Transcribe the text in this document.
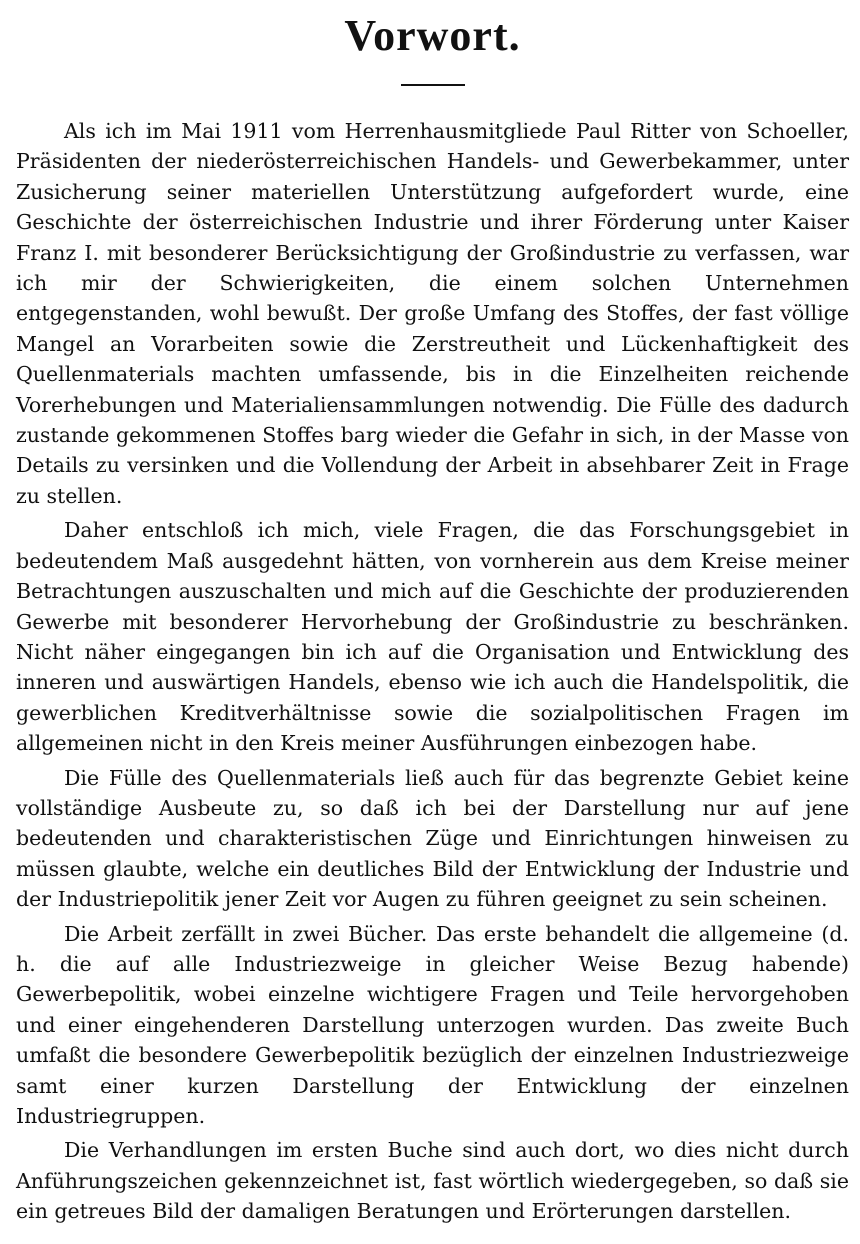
Vorwort.

Als ich im Mai 1911 vom Herrenhausmitgliede Paul Ritter von Schoeller, Präsidenten der niederösterreichischen Handels- und Gewerbekammer, unter Zusicherung seiner materiellen Unterstützung aufgefordert wurde, eine Geschichte der österreichischen Industrie und ihrer Förderung unter Kaiser Franz I. mit besonderer Berücksichtigung der Großindustrie zu verfassen, war ich mir der Schwierigkeiten, die einem solchen Unternehmen entgegenstanden, wohl bewußt. Der große Umfang des Stoffes, der fast völlige Mangel an Vorarbeiten sowie die Zerstreutheit und Lückenhaftigkeit des Quellenmaterials machten umfassende, bis in die Einzelheiten reichende Vorerhebungen und Materialiensammlungen notwendig. Die Fülle des dadurch zustande gekommenen Stoffes barg wieder die Gefahr in sich, in der Masse von Details zu versinken und die Vollendung der Arbeit in absehbarer Zeit in Frage zu stellen.

Daher entschloß ich mich, viele Fragen, die das Forschungsgebiet in bedeutendem Maß ausgedehnt hätten, von vornherein aus dem Kreise meiner Betrachtungen auszuschalten und mich auf die Geschichte der produzierenden Gewerbe mit besonderer Hervorhebung der Großindustrie zu beschränken. Nicht näher eingegangen bin ich auf die Organisation und Entwicklung des inneren und auswärtigen Handels, ebenso wie ich auch die Handelspolitik, die gewerblichen Kreditverhältnisse sowie die sozialpolitischen Fragen im allgemeinen nicht in den Kreis meiner Ausführungen einbezogen habe.

Die Fülle des Quellenmaterials ließ auch für das begrenzte Gebiet keine vollständige Ausbeute zu, so daß ich bei der Darstellung nur auf jene bedeutenden und charakteristischen Züge und Einrichtungen hinweisen zu müssen glaubte, welche ein deutliches Bild der Entwicklung der Industrie und der Industriepolitik jener Zeit vor Augen zu führen geeignet zu sein scheinen.

Die Arbeit zerfällt in zwei Bücher. Das erste behandelt die allgemeine (d. h. die auf alle Industriezweige in gleicher Weise Bezug habende) Gewerbepolitik, wobei einzelne wichtigere Fragen und Teile hervorgehoben und einer eingehenderen Darstellung unterzogen wurden. Das zweite Buch umfaßt die besondere Gewerbepolitik bezüglich der einzelnen Industriezweige samt einer kurzen Darstellung der Entwicklung der einzelnen Industriegruppen.

Die Verhandlungen im ersten Buche sind auch dort, wo dies nicht durch Anführungszeichen gekennzeichnet ist, fast wörtlich wiedergegeben, so daß sie ein getreues Bild der damaligen Beratungen und Erörterungen darstellen.
